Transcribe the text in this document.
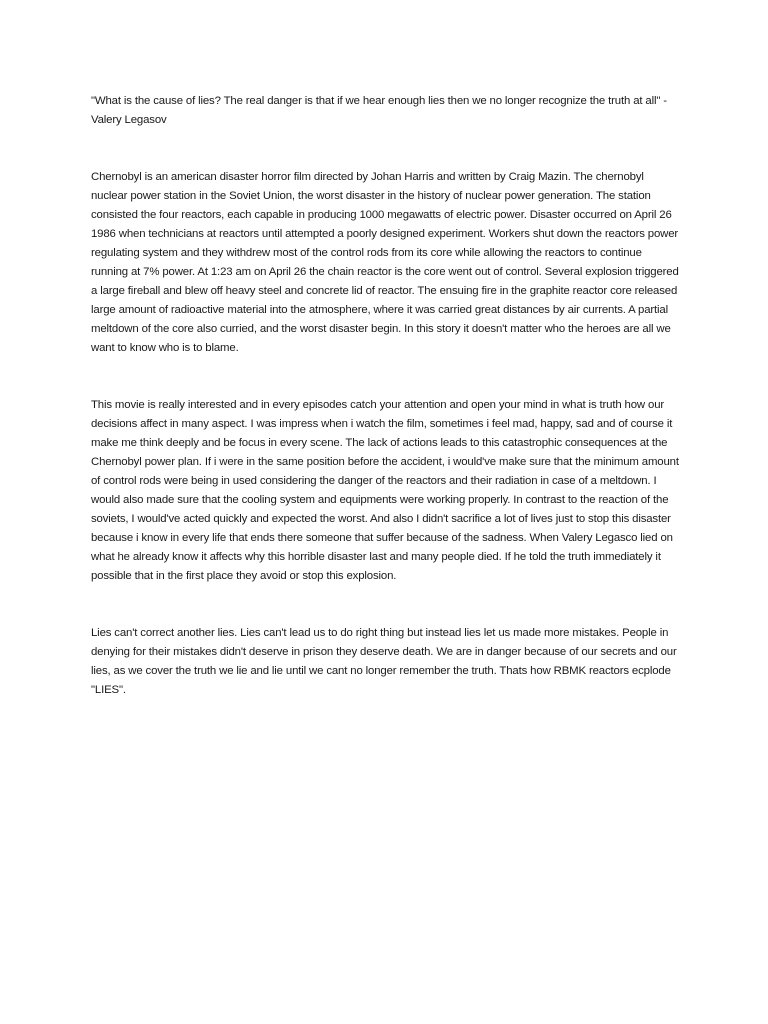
"What is the cause of lies? The real danger is that if we hear enough lies then we no longer recognize the truth at all" -Valery Legasov

Chernobyl is an american disaster horror film directed by Johan Harris and written by Craig Mazin. The chernobyl nuclear power station in the Soviet Union, the worst disaster in the history of nuclear power generation. The station consisted the four reactors, each capable in producing 1000 megawatts of electric power. Disaster occurred on April 26 1986 when technicians at reactors until attempted a poorly designed experiment. Workers shut down the reactors power regulating system and they withdrew most of the control rods from its core while allowing the reactors to continue running at 7% power. At 1:23 am on April 26 the chain reactor is the core went out of control. Several explosion triggered a large fireball and blew off heavy steel and concrete lid of reactor. The ensuing fire in the graphite reactor core released large amount of radioactive material into the atmosphere, where it was carried great distances by air currents. A partial meltdown of the core also curried, and the worst disaster begin. In this story it doesn't matter who the heroes are all we want to know who is to blame.

This movie is really interested and in every episodes catch your attention and open your mind in what is truth how our decisions affect in many aspect. I was impress when i watch the film, sometimes i feel mad, happy, sad and of course it make me think deeply and be focus in every scene. The lack of actions leads to this catastrophic consequences at the Chernobyl power plan. If i were in the same position before the accident, i would've make sure that the minimum amount of control rods were being in used considering the danger of the reactors and their radiation in case of a meltdown. I would also made sure that the cooling system and equipments were working properly. In contrast to the reaction of the soviets, I would've acted quickly and expected the worst. And also I didn't sacrifice a lot of lives just to stop this disaster because i know in every life that ends there someone that suffer because of the sadness. When Valery Legasco lied on what he already know it affects why this horrible disaster last and many people died. If he told the truth immediately it possible that in the first place they avoid or stop this explosion.

Lies can't correct another lies. Lies can't lead us to do right thing but instead lies let us made more mistakes. People in denying for their mistakes didn't deserve in prison they deserve death. We are in danger because of our secrets and our lies, as we cover the truth we lie and lie until we cant no longer remember the truth. Thats how RBMK reactors ecplode "LIES".
